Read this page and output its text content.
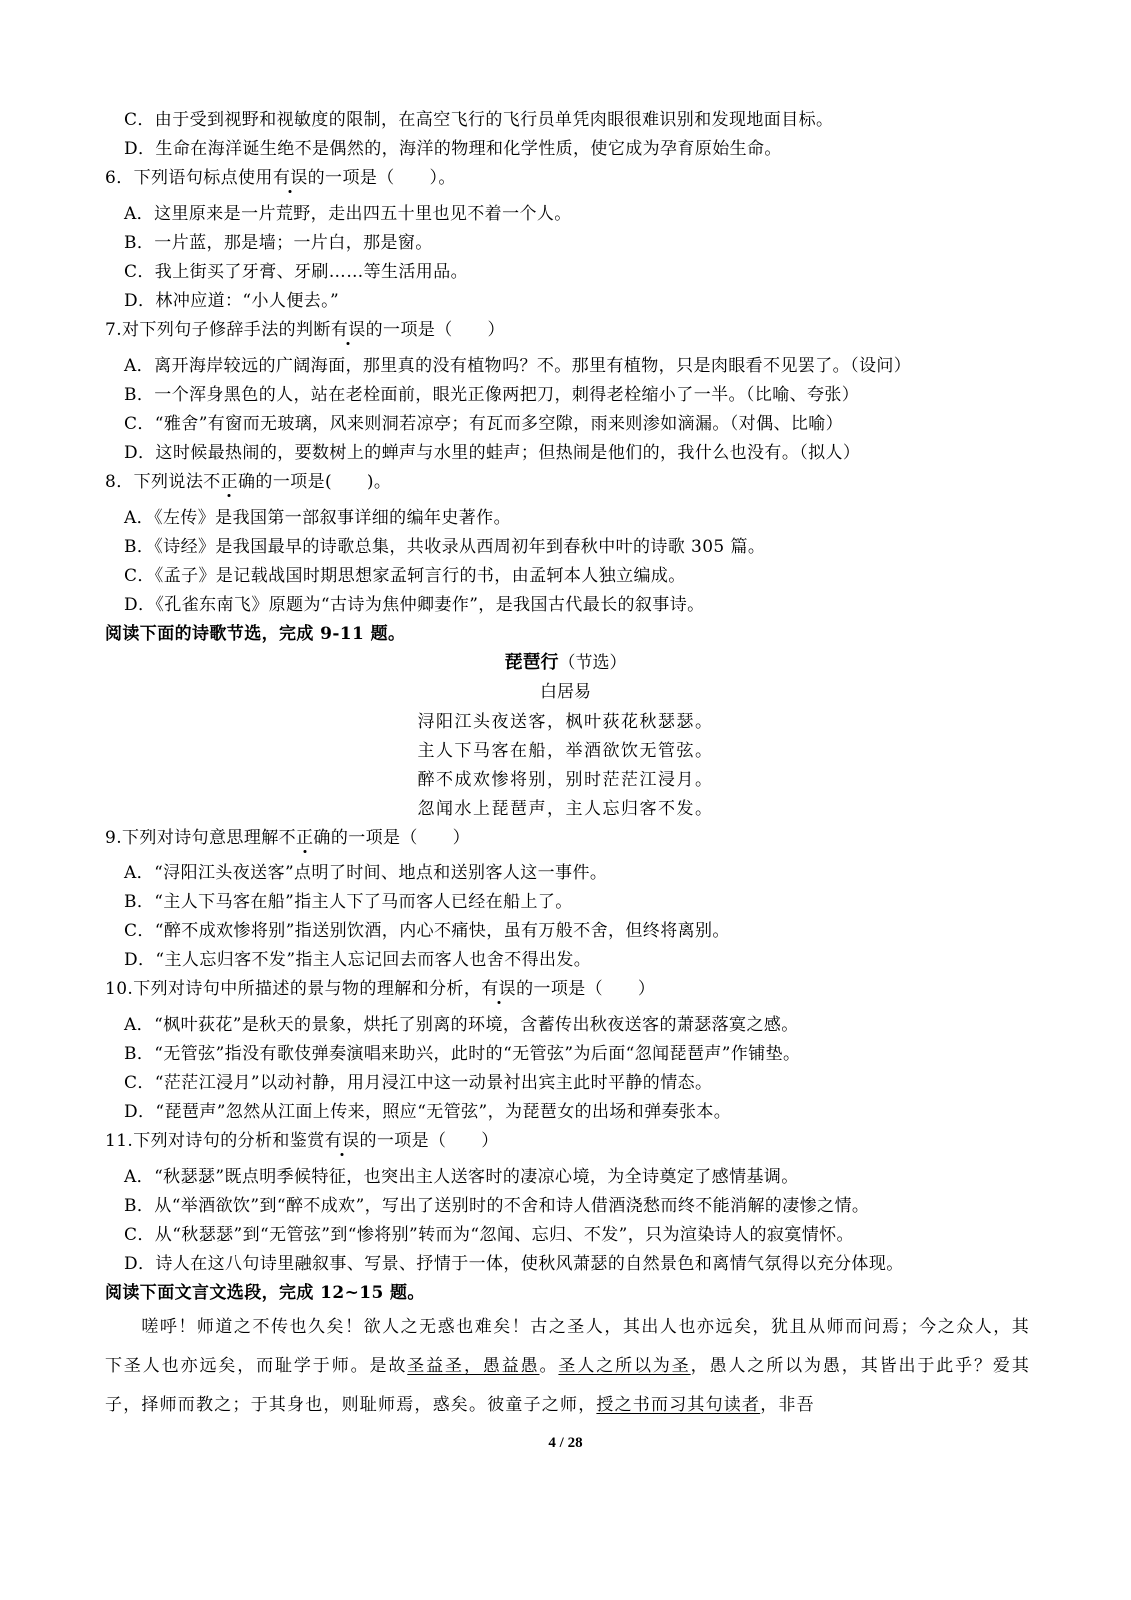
C．由于受到视野和视敏度的限制，在高空飞行的飞行员单凭肉眼很难识别和发现地面目标。
D．生命在海洋诞生绝不是偶然的，海洋的物理和化学性质，使它成为孕育原始生命。
6．下列语句标点使用有误的一项是（　　）。
A．这里原来是一片荒野，走出四五十里也见不着一个人。
B．一片蓝，那是墙；一片白，那是窗。
C．我上街买了牙膏、牙刷……等生活用品。
D．林冲应道：“小人便去。”
7.对下列句子修辞手法的判断有误的一项是（　　）
A．离开海岸较远的广阔海面，那里真的没有植物吗？不。那里有植物，只是肉眼看不见罢了。（设问）
B．一个浑身黑色的人，站在老栓面前，眼光正像两把刀，刺得老栓缩小了一半。（比喻、夸张）
C．“雅舍”有窗而无玻璃，风来则洞若凉亭；有瓦而多空隙，雨来则渗如滴漏。（对偶、比喻）
D．这时候最热闹的，要数树上的蝉声与水里的蛙声；但热闹是他们的，我什么也没有。（拟人）
8．下列说法不正确的一项是(　　)。
A．《左传》是我国第一部叙事详细的编年史著作。
B．《诗经》是我国最早的诗歌总集，共收录从西周初年到春秋中叶的诗歌 305 篇。
C．《孟子》是记载战国时期思想家孟轲言行的书，由孟轲本人独立编成。
D．《孔雀东南飞》原题为“古诗为焦仲卿妻作”，是我国古代最长的叙事诗。
阅读下面的诗歌节选，完成 9-11 题。
琵琶行（节选）
白居易
浔阳江头夜送客，枫叶荻花秋瑟瑟。
主人下马客在船，举酒欲饮无管弦。
醉不成欢惨将别，别时茫茫江浸月。
忽闻水上琵琶声，主人忘归客不发。
9.下列对诗句意思理解不正确的一项是（　　）
A．“浔阳江头夜送客”点明了时间、地点和送别客人这一事件。
B．“主人下马客在船”指主人下了马而客人已经在船上了。
C．“醉不成欢惨将别”指送别饮酒，内心不痛快，虽有万般不舍，但终将离别。
D．“主人忘归客不发”指主人忘记回去而客人也舍不得出发。
10.下列对诗句中所描述的景与物的理解和分析，有误的一项是（　　）
A．“枫叶荻花”是秋天的景象，烘托了别离的环境，含蓄传出秋夜送客的萧瑟落寞之感。
B．“无管弦”指没有歌伎弹奏演唱来助兴，此时的“无管弦”为后面“忽闻琵琶声”作铺垫。
C．“茫茫江浸月”以动衬静，用月浸江中这一动景衬出宾主此时平静的情态。
D．“琵琶声”忽然从江面上传来，照应“无管弦”，为琵琶女的出场和弹奏张本。
11.下列对诗句的分析和鉴赏有误的一项是（　　）
A．“秋瑟瑟”既点明季候特征，也突出主人送客时的凄凉心境，为全诗奠定了感情基调。
B．从“举酒欲饮”到“醉不成欢”，写出了送别时的不舍和诗人借酒浇愁而终不能消解的凄惨之情。
C．从“秋瑟瑟”到“无管弦”到“惨将别”转而为“忽闻、忘归、不发”，只为渲染诗人的寂寞情怀。
D．诗人在这八句诗里融叙事、写景、抒情于一体，使秋风萧瑟的自然景色和离情气氛得以充分体现。
阅读下面文言文选段，完成 12~15 题。
嗟呼！师道之不传也久矣！欲人之无惑也难矣！古之圣人，其出人也亦远矣，犹且从师而问焉；今之众人，其下圣人也亦远矣，而耻学于师。是故圣益圣，愚益愚。圣人之所以为圣，愚人之所以为愚，其皆出于此乎？爱其子，择师而教之；于其身也，则耻师焉，惑矣。彼童子之师，授之书而习其句读者，非吾
4 / 28
